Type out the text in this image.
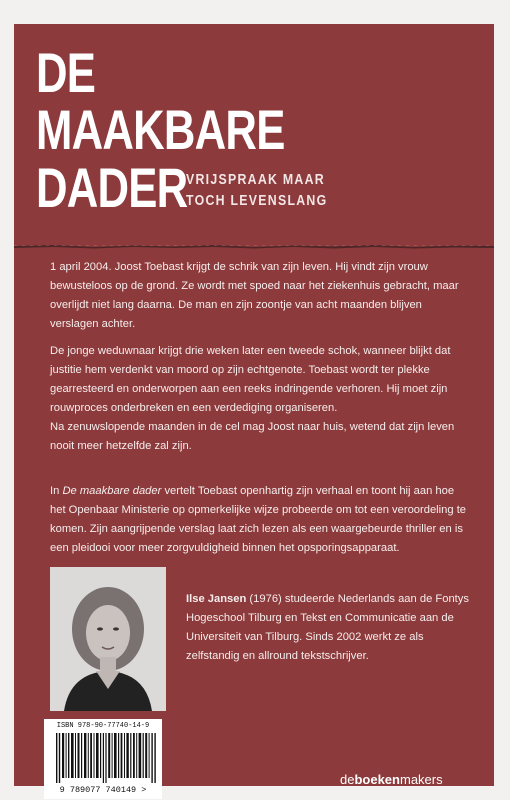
DE
MAAKBARE
DADER
VRIJSPRAAK MAAR
TOCH LEVENSLANG

1 april 2004. Joost Toebast krijgt de schrik van zijn leven. Hij vindt zijn vrouw bewusteloos op de grond. Ze wordt met spoed naar het ziekenhuis gebracht, maar overlijdt niet lang daarna. De man en zijn zoontje van acht maanden blijven verslagen achter.

De jonge weduwnaar krijgt drie weken later een tweede schok, wanneer blijkt dat justitie hem verdenkt van moord op zijn echtgenote. Toebast wordt ter plekke gearresteerd en onderworpen aan een reeks indringende verhoren. Hij moet zijn rouwproces onderbreken en een verdediging organiseren.
Na zenuwslopende maanden in de cel mag Joost naar huis, wetend dat zijn leven nooit meer hetzelfde zal zijn.
In De maakbare dader vertelt Toebast openhartig zijn verhaal en toont hij aan hoe het Openbaar Ministerie op opmerkelijke wijze probeerde om tot een veroordeling te komen. Zijn aangrijpende verslag laat zich lezen als een waargebeurde thriller en is een pleidooi voor meer zorgvuldigheid binnen het opsporingsapparaat.
Ilse Jansen (1976) studeerde Nederlands aan de Fontys Hogeschool Tilburg en Tekst en Communicatie aan de Universiteit van Tilburg. Sinds 2002 werkt ze als zelfstandig en allround tekstschrijver.
ISBN 978-90-77740-14-9
9 789077 740149 >
deboekenmakers
